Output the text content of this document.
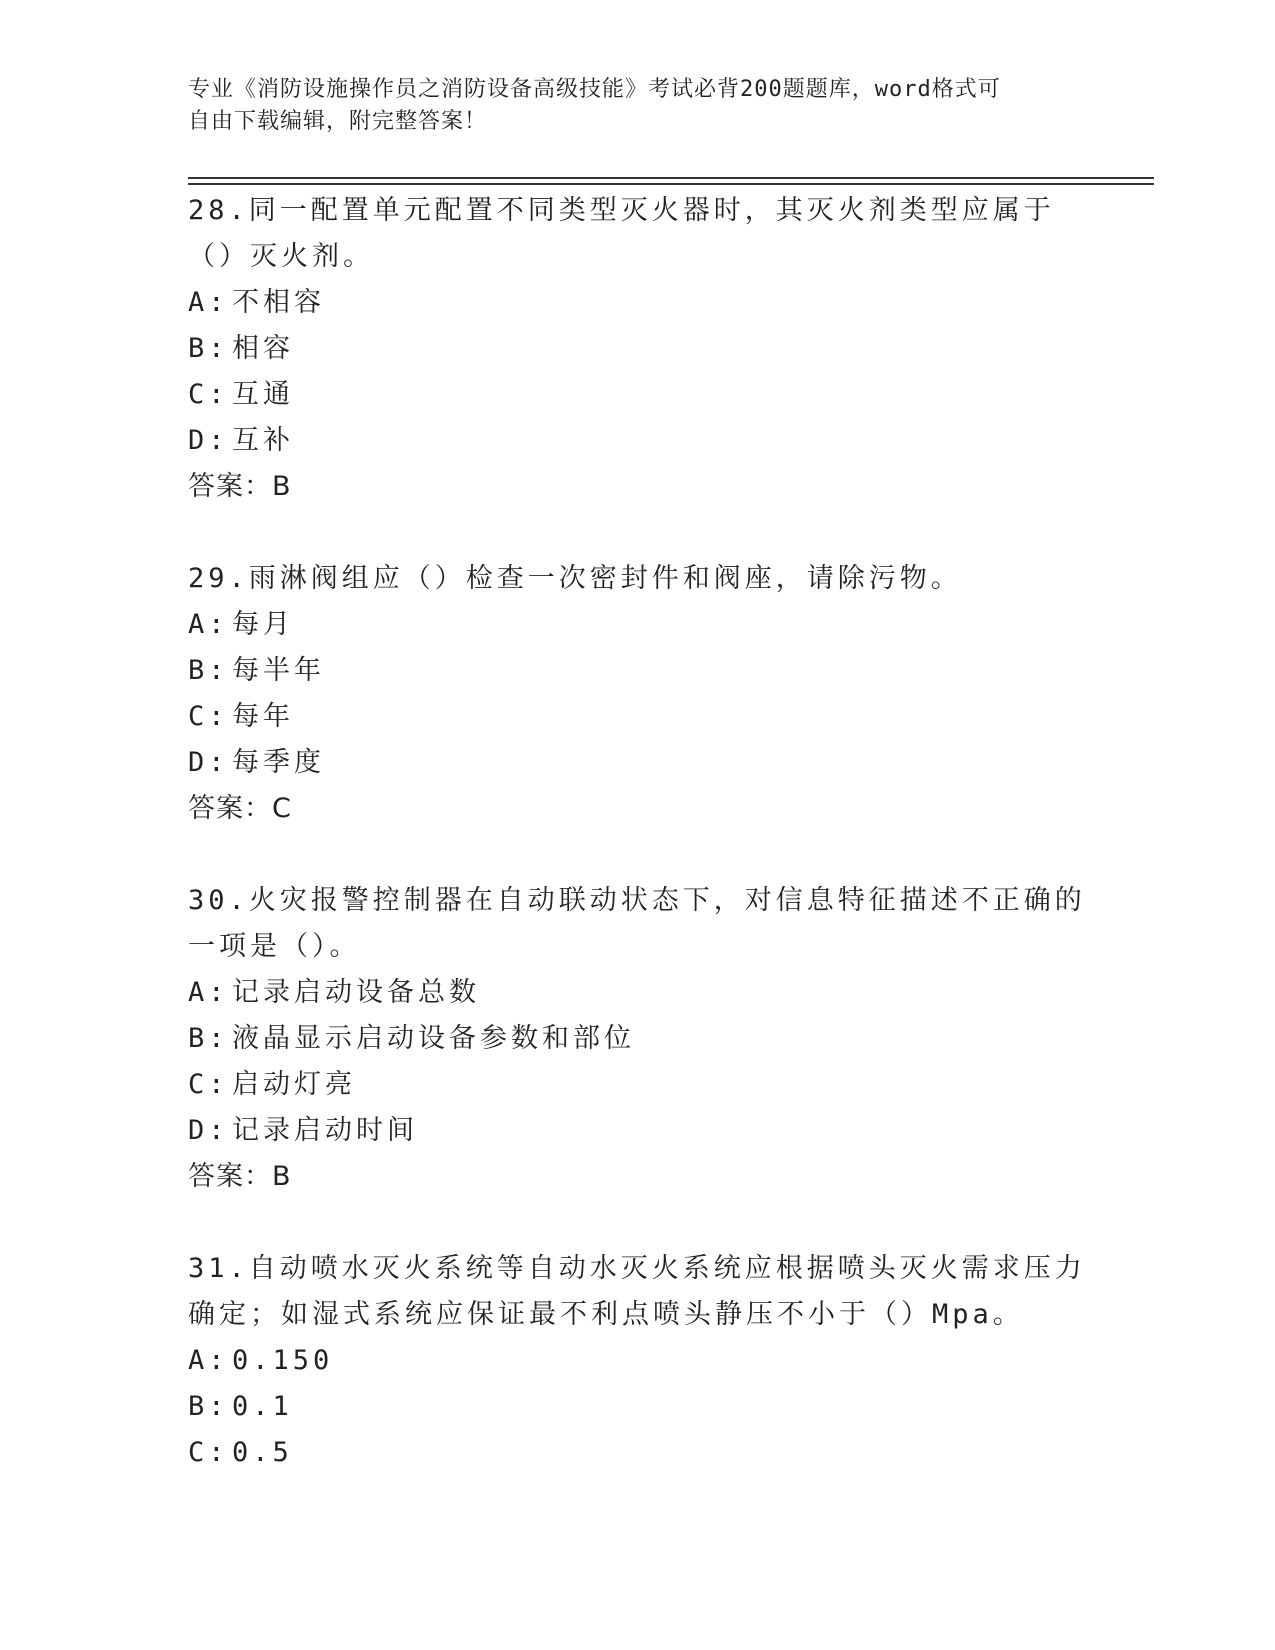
专业《消防设施操作员之消防设备高级技能》考试必背200题题库，word格式可
自由下载编辑，附完整答案！
28.同一配置单元配置不同类型灭火器时，其灭火剂类型应属于（）灭火剂。
A: 不相容
B: 相容
C: 互通
D: 互补
答案：B
29.雨淋阀组应（）检查一次密封件和阀座，请除污物。
A: 每月
B: 每半年
C: 每年
D: 每季度
答案：C
30.火灾报警控制器在自动联动状态下，对信息特征描述不正确的一项是（）。
A: 记录启动设备总数
B: 液晶显示启动设备参数和部位
C: 启动灯亮
D: 记录启动时间
答案：B
31.自动喷水灭火系统等自动水灭火系统应根据喷头灭火需求压力确定；如湿式系统应保证最不利点喷头静压不小于（）Mpa。
A: 0.150
B: 0.1
C: 0.5
